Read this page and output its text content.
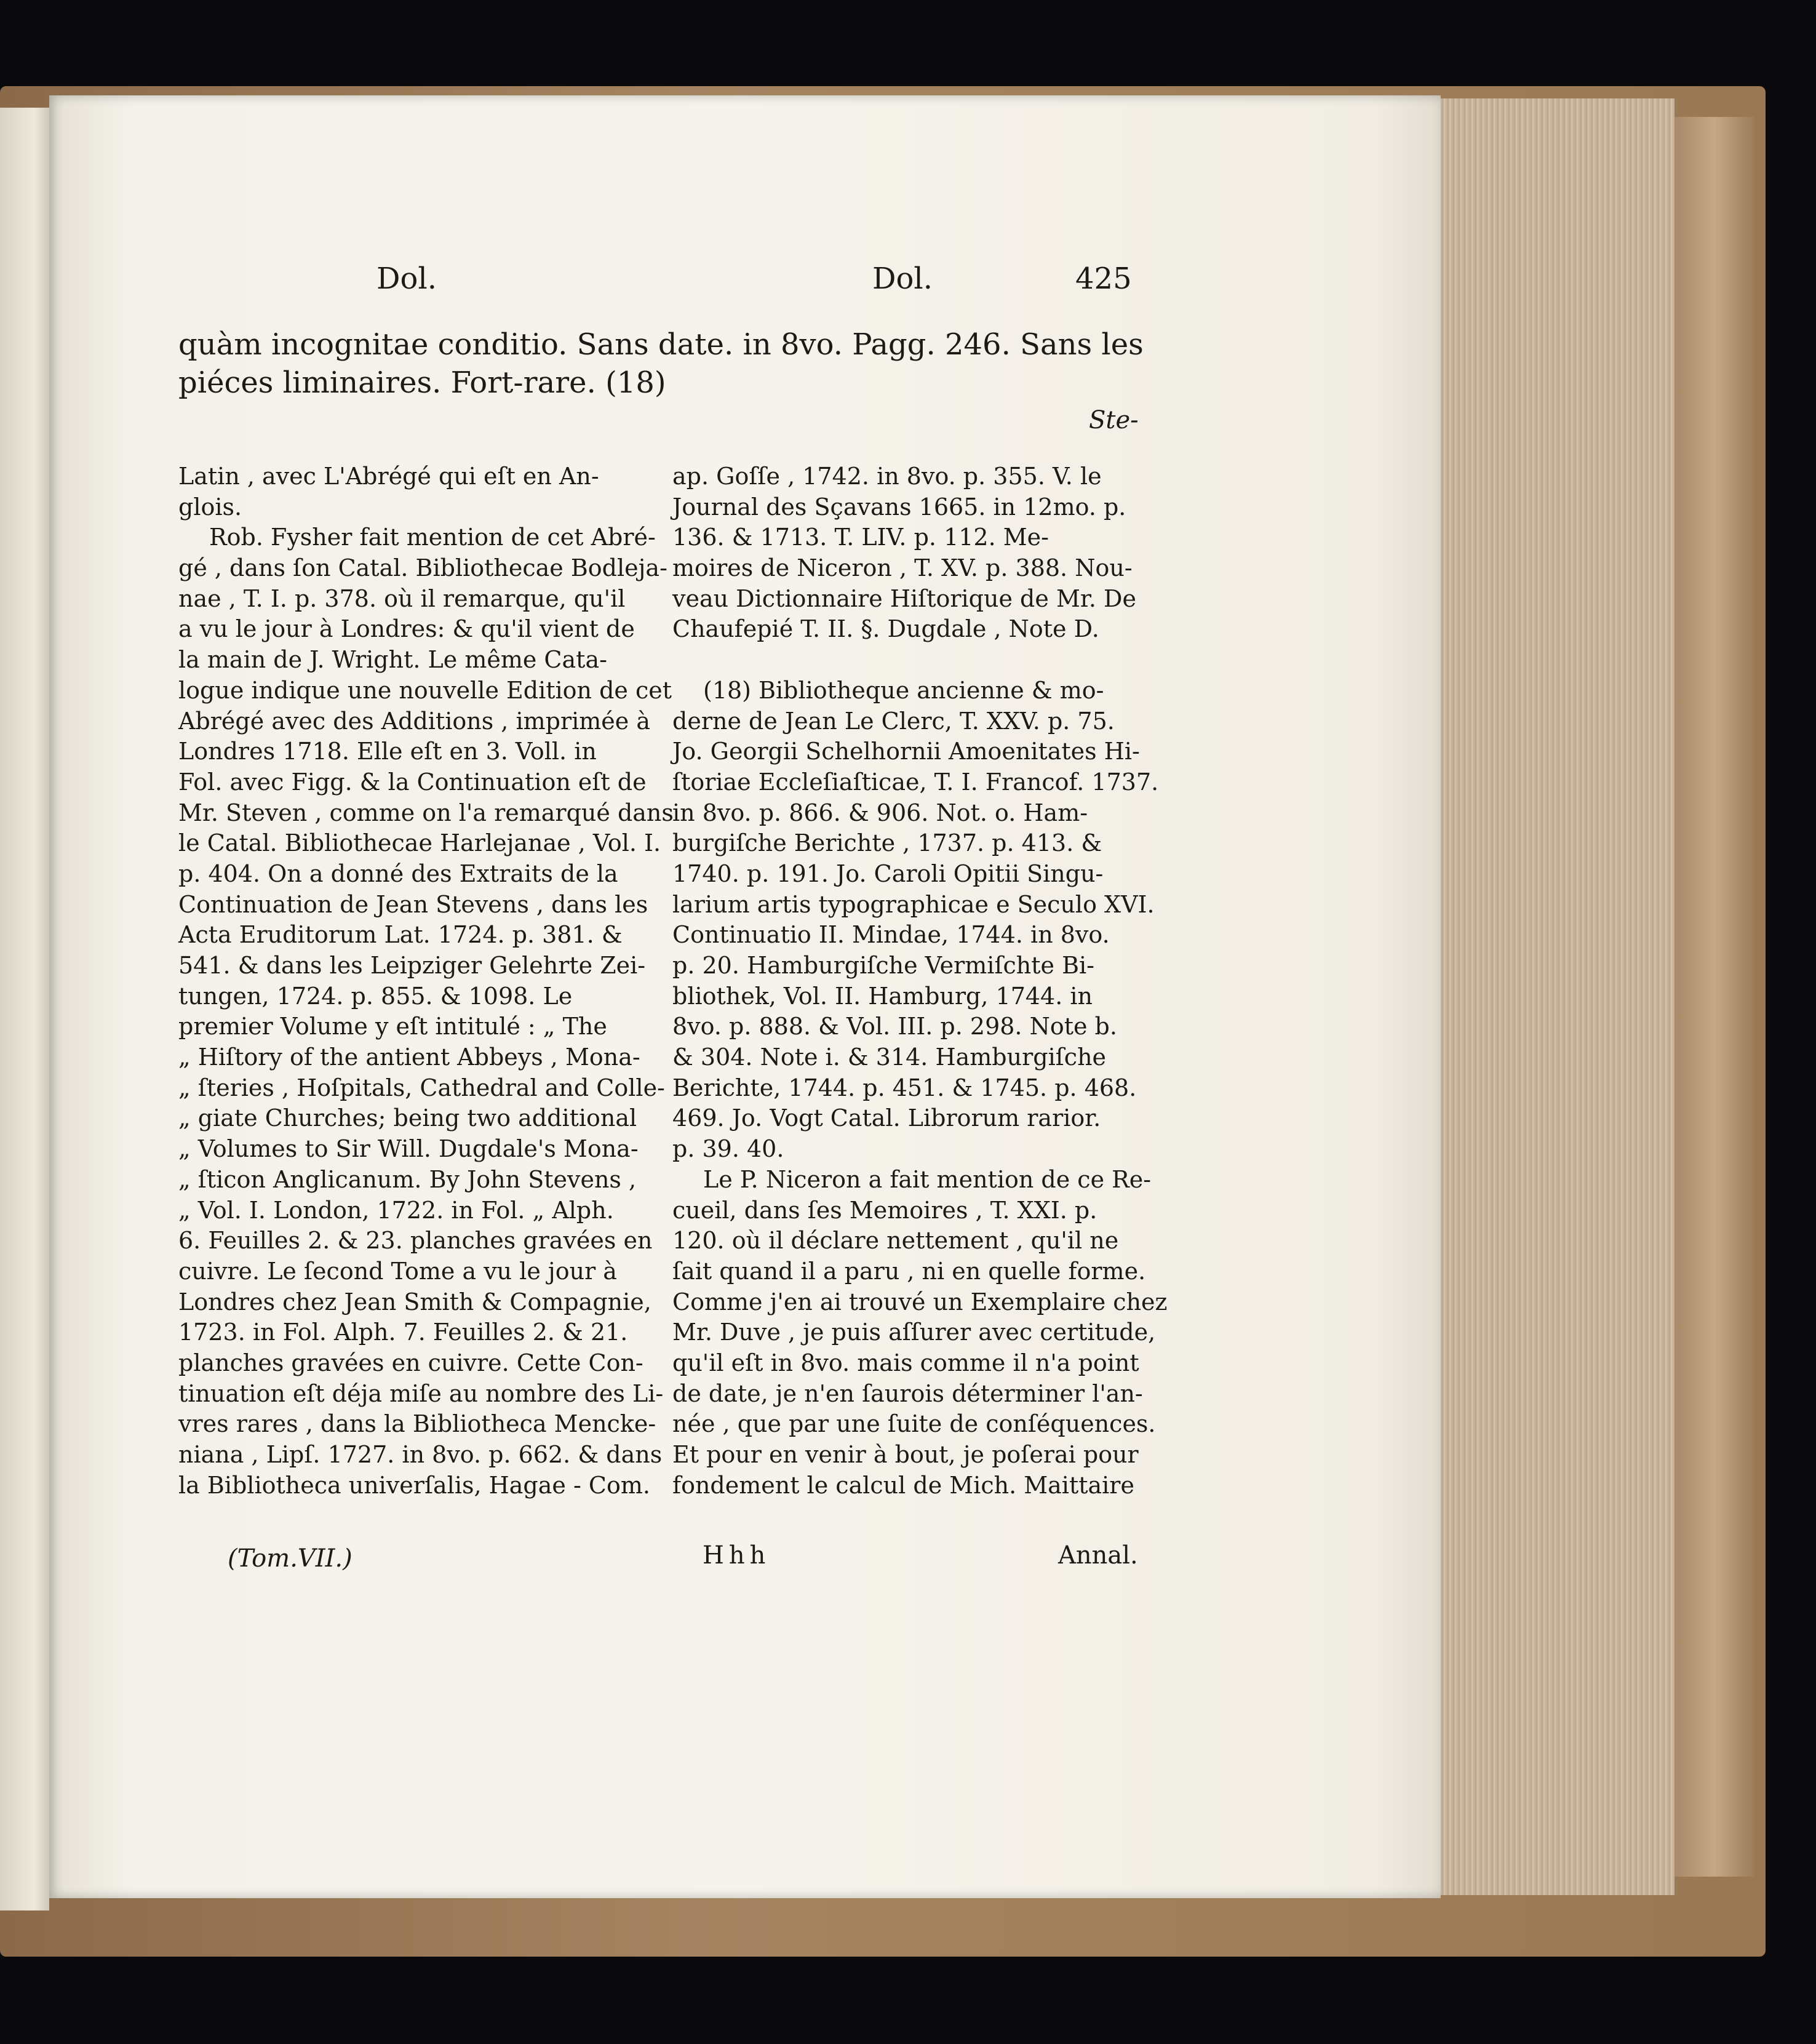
Dol.	Dol.	425
quàm incognitae conditio. Sans date. in 8vo. Pagg. 246. Sans les
piéces liminaires. Fort-rare. (18)
Ste-
Latin , avec L'Abrégé qui eſt en An-
glois.
Rob. Fysher fait mention de cet Abré-
gé , dans ſon Catal. Bibliothecae Bodleja-
nae , T. I. p. 378. où il remarque, qu'il
a vu le jour à Londres: & qu'il vient de
la main de J. Wright. Le même Cata-
logue indique une nouvelle Edition de cet
Abrégé avec des Additions , imprimée à
Londres 1718. Elle eſt en 3. Voll. in
Fol. avec Figg. & la Continuation eſt de
Mr. Steven , comme on l'a remarqué dans
le Catal. Bibliothecae Harlejanae , Vol. I.
p. 404. On a donné des Extraits de la
Continuation de Jean Stevens , dans les
Acta Eruditorum Lat. 1724. p. 381. &
541. & dans les Leipziger Gelehrte Zei-
tungen, 1724. p. 855. & 1098. Le
premier Volume y eſt intitulé : „ The
„ Hiſtory of the antient Abbeys , Mona-
„ ſteries , Hoſpitals, Cathedral and Colle-
„ giate Churches; being two additional
„ Volumes to Sir Will. Dugdale's Mona-
„ ſticon Anglicanum. By John Stevens ,
„ Vol. I. London, 1722. in Fol. „ Alph.
6. Feuilles 2. & 23. planches gravées en
cuivre. Le ſecond Tome a vu le jour à
Londres chez Jean Smith & Compagnie,
1723. in Fol. Alph. 7. Feuilles 2. & 21.
planches gravées en cuivre. Cette Con-
tinuation eſt déja miſe au nombre des Li-
vres rares , dans la Bibliotheca Mencke-
niana , Lipſ. 1727. in 8vo. p. 662. & dans
la Bibliotheca univerſalis, Hagae - Com.
ap. Goſſe , 1742. in 8vo. p. 355. V. le
Journal des Sçavans 1665. in 12mo. p.
136. & 1713. T. LIV. p. 112. Me-
moires de Niceron , T. XV. p. 388. Nou-
veau Dictionnaire Hiſtorique de Mr. De
Chaufepié T. II. §. Dugdale , Note D.
(18) Bibliotheque ancienne & mo-
derne de Jean Le Clerc, T. XXV. p. 75.
Jo. Georgii Schelhornii Amoenitates Hi-
ſtoriae Eccleſiaſticae, T. I. Francof. 1737.
in 8vo. p. 866. & 906. Not. o. Ham-
burgiſche Berichte , 1737. p. 413. &
1740. p. 191. Jo. Caroli Opitii Singu-
larium artis typographicae e Seculo XVI.
Continuatio II. Mindae, 1744. in 8vo.
p. 20. Hamburgiſche Vermiſchte Bi-
bliothek, Vol. II. Hamburg, 1744. in
8vo. p. 888. & Vol. III. p. 298. Note b.
& 304. Note i. & 314. Hamburgiſche
Berichte, 1744. p. 451. & 1745. p. 468.
469. Jo. Vogt Catal. Librorum rarior.
p. 39. 40.
Le P. Niceron a fait mention de ce Re-
cueil, dans ſes Memoires , T. XXI. p.
120. où il déclare nettement , qu'il ne
ſait quand il a paru , ni en quelle forme.
Comme j'en ai trouvé un Exemplaire chez
Mr. Duve , je puis aſſurer avec certitude,
qu'il eſt in 8vo. mais comme il n'a point
de date, je n'en ſaurois déterminer l'an-
née , que par une ſuite de conſéquences.
Et pour en venir à bout, je poſerai pour
fondement le calcul de Mich. Maittaire
(Tom.VII.)	Hhh	Annal.
